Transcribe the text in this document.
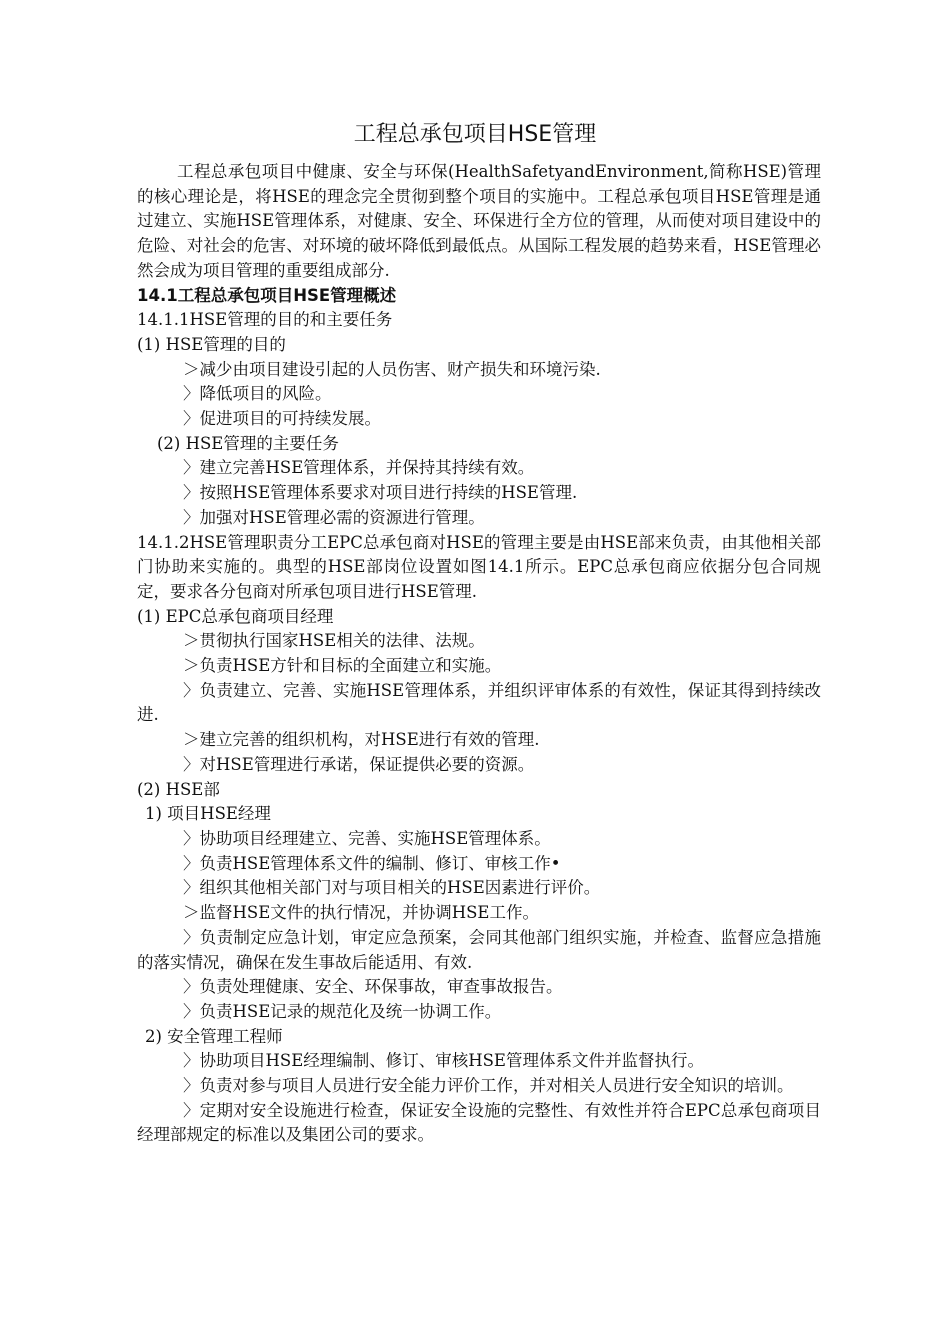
工程总承包项目HSE管理

工程总承包项目中健康、安全与环保(HealthSafetyandEnvironment,简称HSE)管理的核心理论是，将HSE的理念完全贯彻到整个项目的实施中。工程总承包项目HSE管理是通过建立、实施HSE管理体系，对健康、安全、环保进行全方位的管理，从而使对项目建设中的危险、对社会的危害、对环境的破坏降低到最低点。从国际工程发展的趋势来看，HSE管理必然会成为项目管理的重要组成部分.

14.1工程总承包项目HSE管理概述

14.1.1HSE管理的目的和主要任务

(1) HSE管理的目的

＞减少由项目建设引起的人员伤害、财产损失和环境污染.

〉降低项目的风险。

〉促进项目的可持续发展。

(2) HSE管理的主要任务

〉建立完善HSE管理体系，并保持其持续有效。

〉按照HSE管理体系要求对项目进行持续的HSE管理.

〉加强对HSE管理必需的资源进行管理。

14.1.2HSE管理职责分工EPC总承包商对HSE的管理主要是由HSE部来负责，由其他相关部门协助来实施的。典型的HSE部岗位设置如图14.1所示。EPC总承包商应依据分包合同规定，要求各分包商对所承包项目进行HSE管理.

(1) EPC总承包商项目经理

＞贯彻执行国家HSE相关的法律、法规。

＞负责HSE方针和目标的全面建立和实施。

〉负责建立、完善、实施HSE管理体系，并组织评审体系的有效性，保证其得到持续改进.

＞建立完善的组织机构，对HSE进行有效的管理.

〉对HSE管理进行承诺，保证提供必要的资源。

(2) HSE部

1) 项目HSE经理

〉协助项目经理建立、完善、实施HSE管理体系。

〉负责HSE管理体系文件的编制、修订、审核工作•

〉组织其他相关部门对与项目相关的HSE因素进行评价。

＞监督HSE文件的执行情况，并协调HSE工作。

〉负责制定应急计划，审定应急预案，会同其他部门组织实施，并检查、监督应急措施的落实情况，确保在发生事故后能适用、有效.

〉负责处理健康、安全、环保事故，审查事故报告。

〉负责HSE记录的规范化及统一协调工作。

2) 安全管理工程师

〉协助项目HSE经理编制、修订、审核HSE管理体系文件并监督执行。

〉负责对参与项目人员进行安全能力评价工作，并对相关人员进行安全知识的培训。

〉定期对安全设施进行检查，保证安全设施的完整性、有效性并符合EPC总承包商项目经理部规定的标准以及集团公司的要求。
